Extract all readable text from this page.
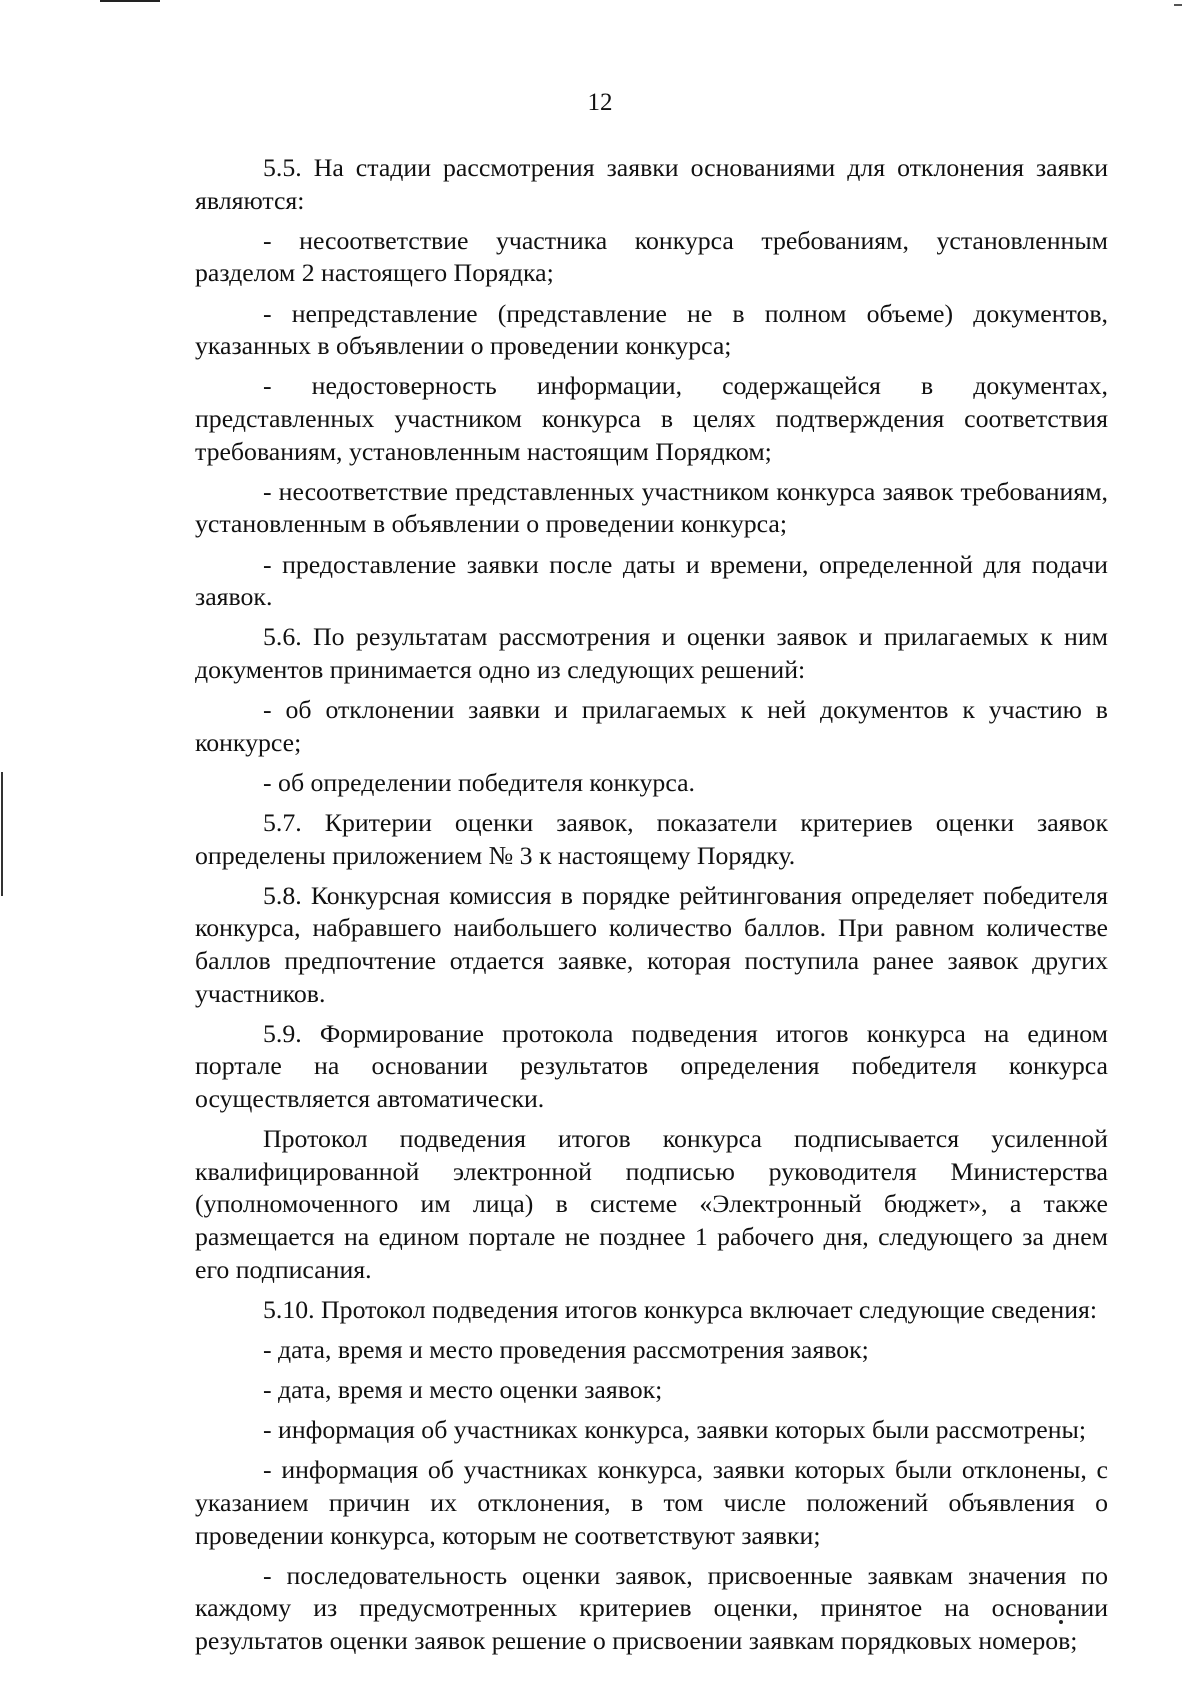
12

5.5. На стадии рассмотрения заявки основаниями для отклонения заявки являются:

- несоответствие участника конкурса требованиям, установленным разделом 2 настоящего Порядка;

- непредставление (представление не в полном объеме) документов, указанных в объявлении о проведении конкурса;

- недостоверность информации, содержащейся в документах, представленных участником конкурса в целях подтверждения соответствия требованиям, установленным настоящим Порядком;

- несоответствие представленных участником конкурса заявок требованиям, установленным в объявлении о проведении конкурса;

- предоставление заявки после даты и времени, определенной для подачи заявок.

5.6. По результатам рассмотрения и оценки заявок и прилагаемых к ним документов принимается одно из следующих решений:

- об отклонении заявки и прилагаемых к ней документов к участию в конкурсе;

- об определении победителя конкурса.

5.7. Критерии оценки заявок, показатели критериев оценки заявок определены приложением № 3 к настоящему Порядку.

5.8. Конкурсная комиссия в порядке рейтингования определяет победителя конкурса, набравшего наибольшего количество баллов. При равном количестве баллов предпочтение отдается заявке, которая поступила ранее заявок других участников.

5.9. Формирование протокола подведения итогов конкурса на едином портале на основании результатов определения победителя конкурса осуществляется автоматически.

Протокол подведения итогов конкурса подписывается усиленной квалифицированной электронной подписью руководителя Министерства (уполномоченного им лица) в системе «Электронный бюджет», а также размещается на едином портале не позднее 1 рабочего дня, следующего за днем его подписания.

5.10. Протокол подведения итогов конкурса включает следующие сведения:

- дата, время и место проведения рассмотрения заявок;

- дата, время и место оценки заявок;

- информация об участниках конкурса, заявки которых были рассмотрены;

- информация об участниках конкурса, заявки которых были отклонены, с указанием причин их отклонения, в том числе положений объявления о проведении конкурса, которым не соответствуют заявки;

- последовательность оценки заявок, присвоенные заявкам значения по каждому из предусмотренных критериев оценки, принятое на основании результатов оценки заявок решение о присвоении заявкам порядковых номеров;
